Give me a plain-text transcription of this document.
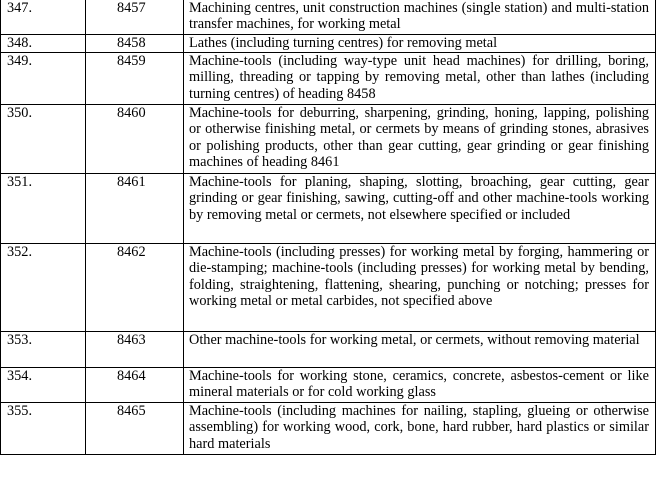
347.	8457	Machining centres, unit construction machines (single station) and multi-station transfer machines, for working metal
348.	8458	Lathes (including turning centres) for removing metal
349.	8459	Machine-tools (including way-type unit head machines) for drilling, boring, milling, threading or tapping by removing metal, other than lathes (including turning centres) of heading 8458
350.	8460	Machine-tools for deburring, sharpening, grinding, honing, lapping, polishing or otherwise finishing metal, or cermets by means of grinding stones, abrasives or polishing products, other than gear cutting, gear grinding or gear finishing machines of heading 8461
351.	8461	Machine-tools for planing, shaping, slotting, broaching, gear cutting, gear grinding or gear finishing, sawing, cutting-off and other machine-tools working by removing metal or cermets, not elsewhere specified or included
352.	8462	Machine-tools (including presses) for working metal by forging, hammering or die-stamping; machine-tools (including presses) for working metal by bending, folding, straightening, flattening, shearing, punching or notching; presses for working metal or metal carbides, not specified above
353.	8463	Other machine-tools for working metal, or cermets, without removing material
354.	8464	Machine-tools for working stone, ceramics, concrete, asbestos-cement or like mineral materials or for cold working glass
355.	8465	Machine-tools (including machines for nailing, stapling, glueing or otherwise assembling) for working wood, cork, bone, hard rubber, hard plastics or similar hard materials
